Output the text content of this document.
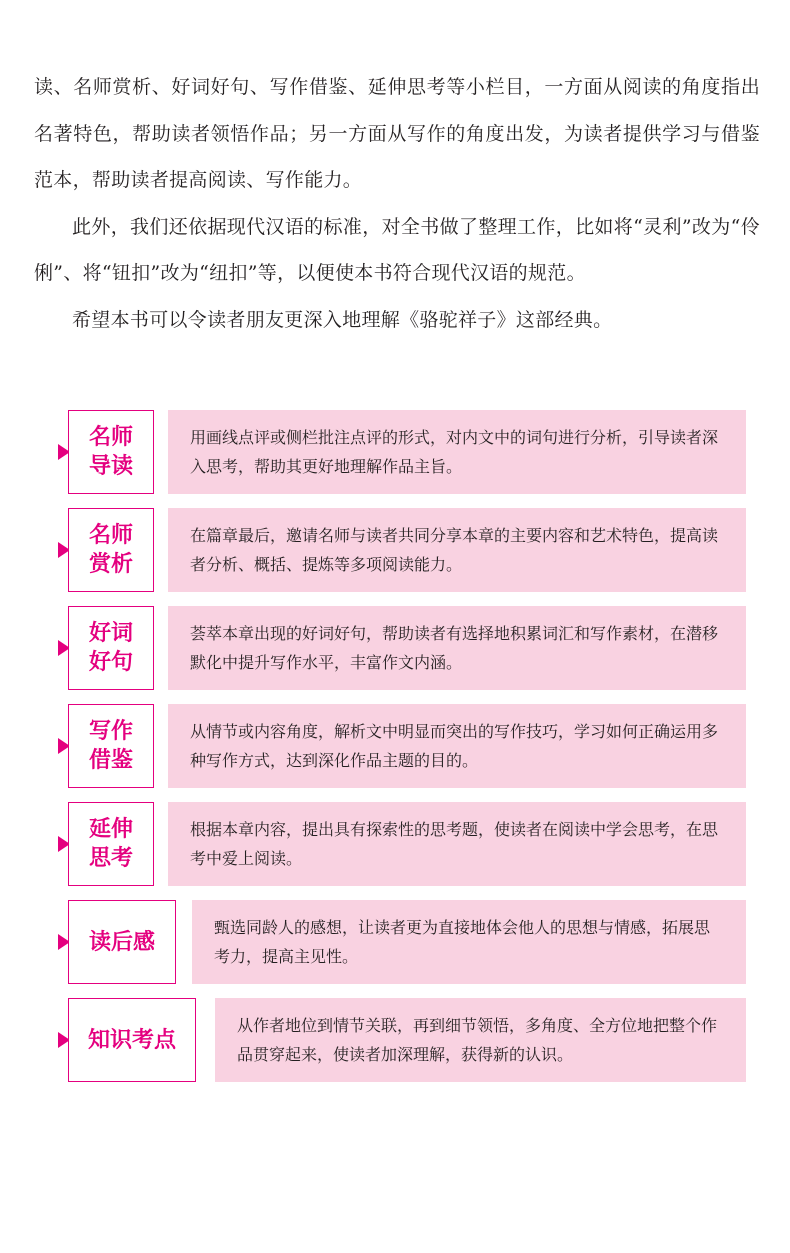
读、名师赏析、好词好句、写作借鉴、延伸思考等小栏目，一方面从阅读的角度指出名著特色，帮助读者领悟作品；另一方面从写作的角度出发，为读者提供学习与借鉴范本，帮助读者提高阅读、写作能力。

此外，我们还依据现代汉语的标准，对全书做了整理工作，比如将“灵利”改为“伶俐”、将“钮扣”改为“纽扣”等，以便使本书符合现代汉语的规范。

希望本书可以令读者朋友更深入地理解《骆驼祥子》这部经典。

名师
导读
用画线点评或侧栏批注点评的形式，对内文中的词句进行分析，引导读者深入思考，帮助其更好地理解作品主旨。
名师
赏析
在篇章最后，邀请名师与读者共同分享本章的主要内容和艺术特色，提高读者分析、概括、提炼等多项阅读能力。
好词
好句
荟萃本章出现的好词好句，帮助读者有选择地积累词汇和写作素材，在潜移默化中提升写作水平，丰富作文内涵。
写作
借鉴
从情节或内容角度，解析文中明显而突出的写作技巧，学习如何正确运用多种写作方式，达到深化作品主题的目的。
延伸
思考
根据本章内容，提出具有探索性的思考题，使读者在阅读中学会思考，在思考中爱上阅读。
读后感
甄选同龄人的感想，让读者更为直接地体会他人的思想与情感，拓展思考力，提高主见性。
知识考点
从作者地位到情节关联，再到细节领悟，多角度、全方位地把整个作品贯穿起来，使读者加深理解，获得新的认识。
